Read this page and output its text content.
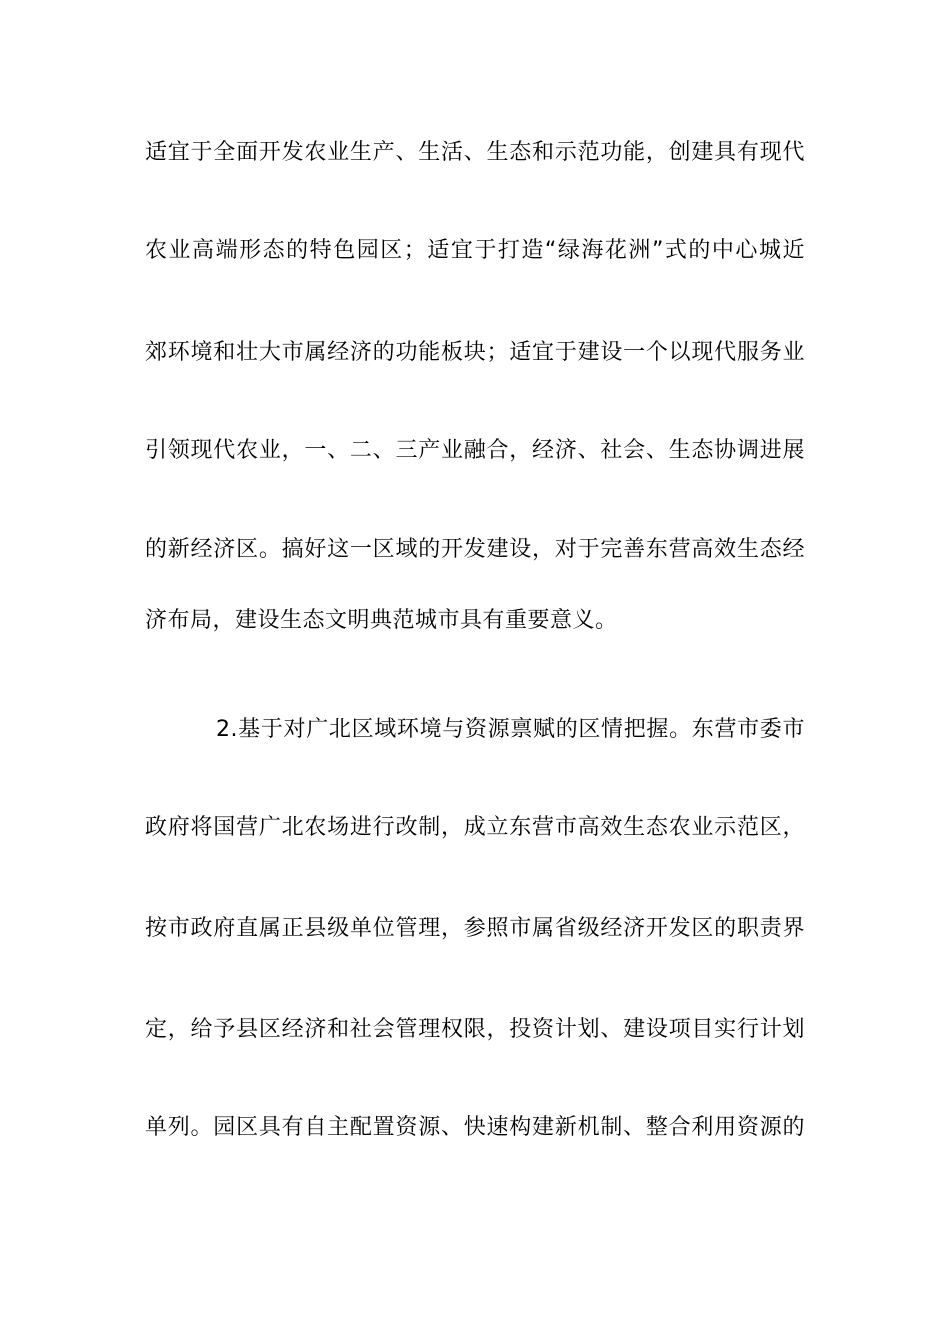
适宜于全面开发农业生产、生活、生态和示范功能，创建具有现代
农业高端形态的特色园区；适宜于打造“绿海花洲”式的中心城近
郊环境和壮大市属经济的功能板块；适宜于建设一个以现代服务业
引领现代农业，一、二、三产业融合，经济、社会、生态协调进展
的新经济区。搞好这一区域的开发建设，对于完善东营高效生态经
济布局，建设生态文明典范城市具有重要意义。
2.基于对广北区域环境与资源禀赋的区情把握。东营市委市
政府将国营广北农场进行改制，成立东营市高效生态农业示范区，
按市政府直属正县级单位管理，参照市属省级经济开发区的职责界
定，给予县区经济和社会管理权限，投资计划、建设项目实行计划
单列。园区具有自主配置资源、快速构建新机制、整合利用资源的
